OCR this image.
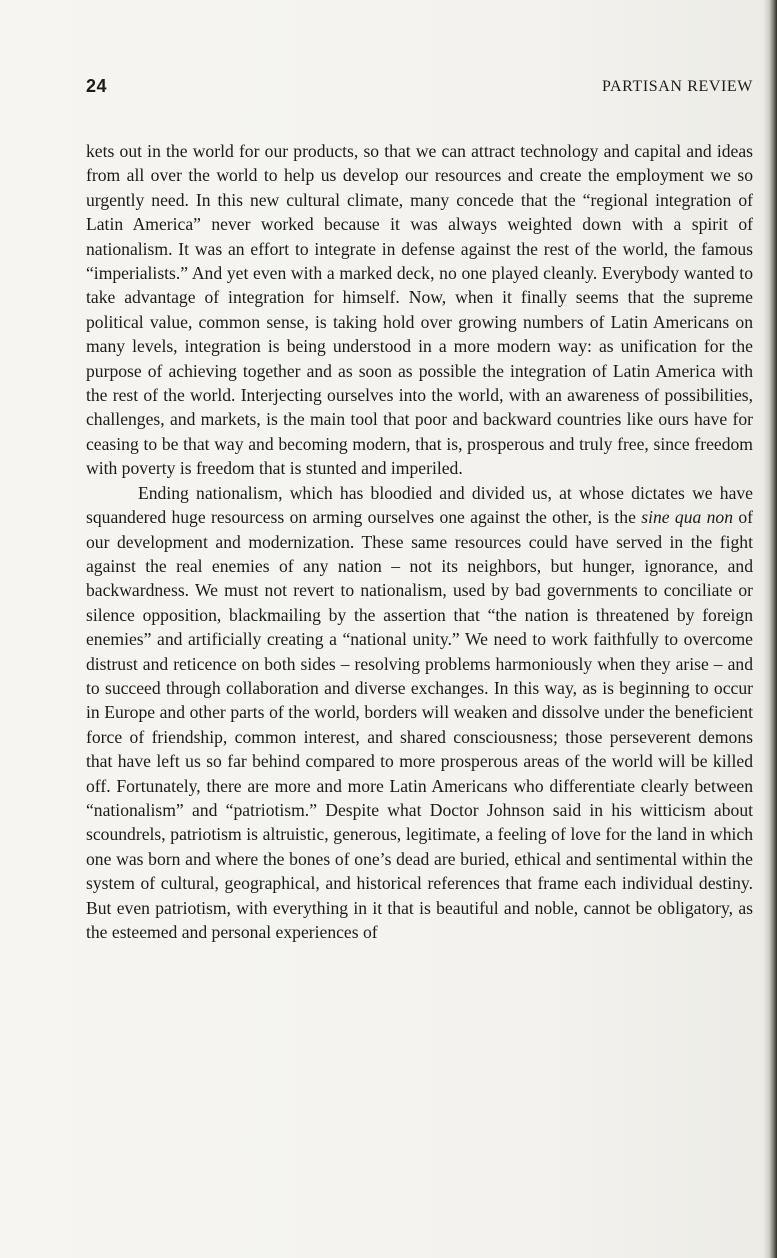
24	PARTISAN REVIEW

kets out in the world for our products, so that we can attract technology and capital and ideas from all over the world to help us develop our resources and create the employment we so urgently need. In this new cultural climate, many concede that the “regional integration of Latin America” never worked because it was always weighted down with a spirit of nationalism. It was an effort to integrate in defense against the rest of the world, the famous “imperialists.” And yet even with a marked deck, no one played cleanly. Everybody wanted to take advantage of integration for himself. Now, when it finally seems that the supreme political value, common sense, is taking hold over growing numbers of Latin Americans on many levels, integration is being understood in a more modern way: as unification for the purpose of achieving together and as soon as possible the integration of Latin America with the rest of the world. Interjecting ourselves into the world, with an awareness of possibilities, challenges, and markets, is the main tool that poor and backward countries like ours have for ceasing to be that way and becoming modern, that is, prosperous and truly free, since freedom with poverty is freedom that is stunted and imperiled.

Ending nationalism, which has bloodied and divided us, at whose dictates we have squandered huge resourcess on arming ourselves one against the other, is the sine qua non of our development and modernization. These same resources could have served in the fight against the real enemies of any nation – not its neighbors, but hunger, ignorance, and backwardness. We must not revert to nationalism, used by bad governments to conciliate or silence opposition, blackmailing by the assertion that “the nation is threatened by foreign enemies” and artificially creating a “national unity.” We need to work faithfully to overcome distrust and reticence on both sides – resolving problems harmoniously when they arise – and to succeed through collaboration and diverse exchanges. In this way, as is beginning to occur in Europe and other parts of the world, borders will weaken and dissolve under the beneficient force of friendship, common interest, and shared consciousness; those perseverent demons that have left us so far behind compared to more prosperous areas of the world will be killed off. Fortunately, there are more and more Latin Americans who differentiate clearly between “nationalism” and “patriotism.” Despite what Doctor Johnson said in his witticism about scoundrels, patriotism is altruistic, generous, legitimate, a feeling of love for the land in which one was born and where the bones of one’s dead are buried, ethical and sentimental within the system of cultural, geographical, and historical references that frame each individual destiny. But even patriotism, with everything in it that is beautiful and noble, cannot be obligatory, as the esteemed and personal experiences of
